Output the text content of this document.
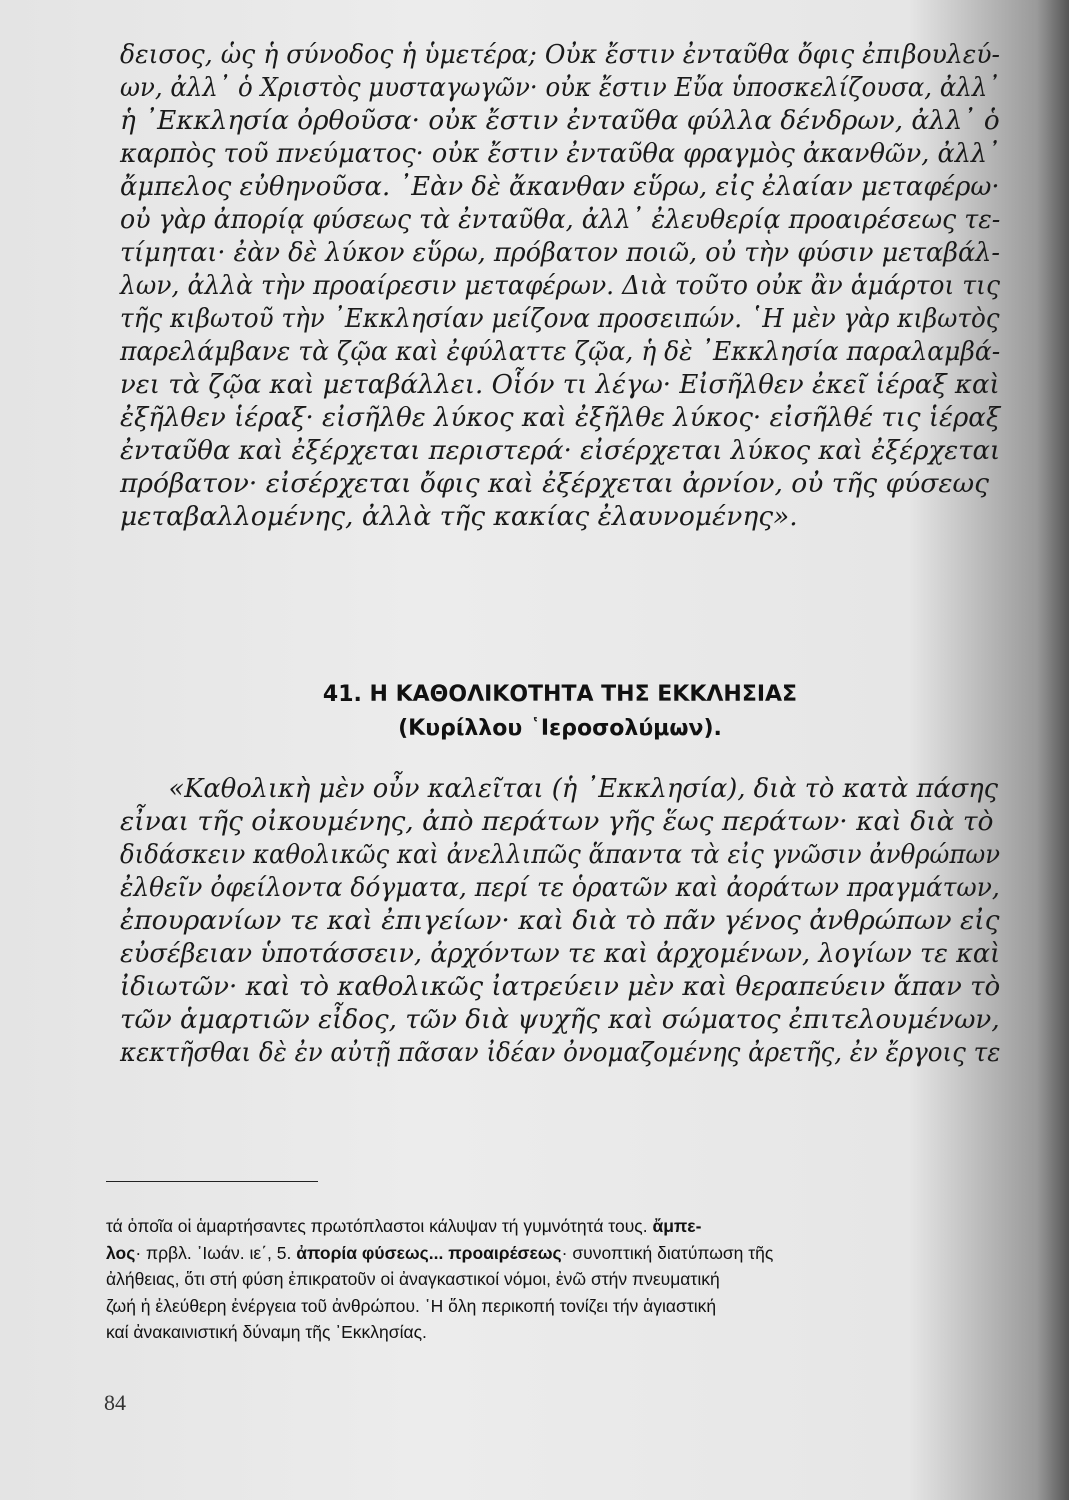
δεισος, ὡς ἡ σύνοδος ἡ ὑμετέρα; Οὐκ ἔστιν ἐνταῦθα ὄφις ἐπιβουλεύ-
ων, ἀλλ᾿ ὁ Χριστὸς μυσταγωγῶν· οὐκ ἔστιν Εὔα ὑποσκελίζουσα, ἀλλ᾿
ἡ ᾿Εκκλησία ὀρθοῦσα· οὐκ ἔστιν ἐνταῦθα φύλλα δένδρων, ἀλλ᾿ ὁ
καρπὸς τοῦ πνεύματος· οὐκ ἔστιν ἐνταῦθα φραγμὸς ἀκανθῶν, ἀλλ᾿
ἄμπελος εὐθηνοῦσα. ᾿Εὰν δὲ ἄκανθαν εὕρω, εἰς ἐλαίαν μεταφέρω·
οὐ γὰρ ἀπορίᾳ φύσεως τὰ ἐνταῦθα, ἀλλ᾿ ἐλευθερίᾳ προαιρέσεως τε-
τίμηται· ἐὰν δὲ λύκον εὕρω, πρόβατον ποιῶ, οὐ τὴν φύσιν μεταβάλ-
λων, ἀλλὰ τὴν προαίρεσιν μεταφέρων. Διὰ τοῦτο οὐκ ἂν ἁμάρτοι τις
τῆς κιβωτοῦ τὴν ᾿Εκκλησίαν μείζονα προσειπών. ῾Η μὲν γὰρ κιβωτὸς
παρελάμβανε τὰ ζῷα καὶ ἐφύλαττε ζῷα, ἡ δὲ ᾿Εκκλησία παραλαμβά-
νει τὰ ζῷα καὶ μεταβάλλει. Οἷόν τι λέγω· Εἰσῆλθεν ἐκεῖ ἱέραξ καὶ
ἐξῆλθεν ἱέραξ· εἰσῆλθε λύκος καὶ ἐξῆλθε λύκος· εἰσῆλθέ τις ἱέραξ
ἐνταῦθα καὶ ἐξέρχεται περιστερά· εἰσέρχεται λύκος καὶ ἐξέρχεται
πρόβατον· εἰσέρχεται ὄφις καὶ ἐξέρχεται ἀρνίον, οὐ τῆς φύσεως
μεταβαλλομένης, ἀλλὰ τῆς κακίας ἐλαυνομένης».
41. Η ΚΑΘΟΛΙΚΟΤΗΤΑ ΤΗΣ ΕΚΚΛΗΣΙΑΣ
(Κυρίλλου ῾Ιεροσολύμων).
«Καθολικὴ μὲν οὖν καλεῖται (ἡ ᾿Εκκλησία), διὰ τὸ κατὰ πάσης
εἶναι τῆς οἰκουμένης, ἀπὸ περάτων γῆς ἕως περάτων· καὶ διὰ τὸ
διδάσκειν καθολικῶς καὶ ἀνελλιπῶς ἅπαντα τὰ εἰς γνῶσιν ἀνθρώπων
ἐλθεῖν ὀφείλοντα δόγματα, περί τε ὁρατῶν καὶ ἀοράτων πραγμάτων,
ἐπουρανίων τε καὶ ἐπιγείων· καὶ διὰ τὸ πᾶν γένος ἀνθρώπων εἰς
εὐσέβειαν ὑποτάσσειν, ἀρχόντων τε καὶ ἀρχομένων, λογίων τε καὶ
ἰδιωτῶν· καὶ τὸ καθολικῶς ἰατρεύειν μὲν καὶ θεραπεύειν ἅπαν τὸ
τῶν ἁμαρτιῶν εἶδος, τῶν διὰ ψυχῆς καὶ σώματος ἐπιτελουμένων,
κεκτῆσθαι δὲ ἐν αὐτῇ πᾶσαν ἰδέαν ὀνομαζομένης ἀρετῆς, ἐν ἔργοις τε
τά ὁποῖα οἱ ἁμαρτήσαντες πρωτόπλαστοι κάλυψαν τή γυμνότητά τους. ἄμπε-
λος· πρβλ. ᾿Ιωάν. ιε΄, 5. ἀπορία φύσεως... προαιρέσεως· συνοπτική διατύπωση τῆς
ἀλήθειας, ὅτι στή φύση ἐπικρατοῦν οἱ ἀναγκαστικοί νόμοι, ἐνῶ στήν πνευματική
ζωή ἡ ἐλεύθερη ἐνέργεια τοῦ ἀνθρώπου. ῾Η ὅλη περικοπή τονίζει τήν ἁγιαστική
καί ἀνακαινιστική δύναμη τῆς ᾿Εκκλησίας.
84
